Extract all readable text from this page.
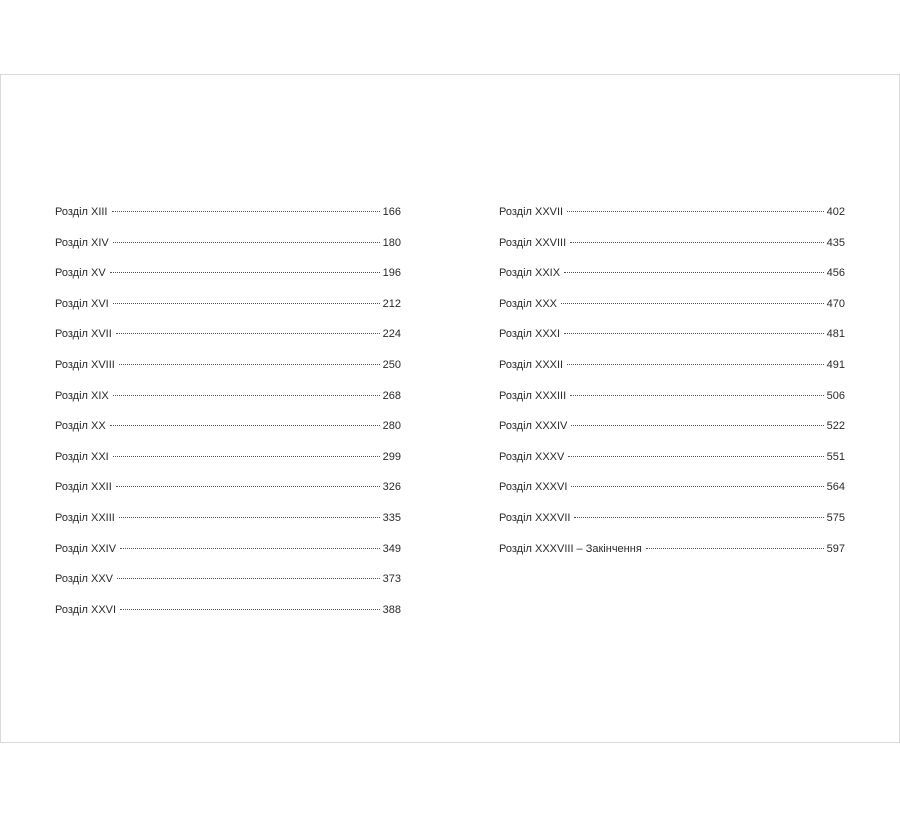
Розділ XIII	166
Розділ XIV	180
Розділ XV	196
Розділ XVI	212
Розділ XVII	224
Розділ XVIII	250
Розділ XIX	268
Розділ XX	280
Розділ XXI	299
Розділ XXII	326
Розділ XXIII	335
Розділ XXIV	349
Розділ XXV	373
Розділ XXVI	388
Розділ XXVII	402
Розділ XXVIII	435
Розділ XXIX	456
Розділ XXX	470
Розділ XXXI	481
Розділ XXXII	491
Розділ XXXIII	506
Розділ XXXIV	522
Розділ XXXV	551
Розділ XXXVI	564
Розділ XXXVII	575
Розділ XXXVIII – Закінчення	597
